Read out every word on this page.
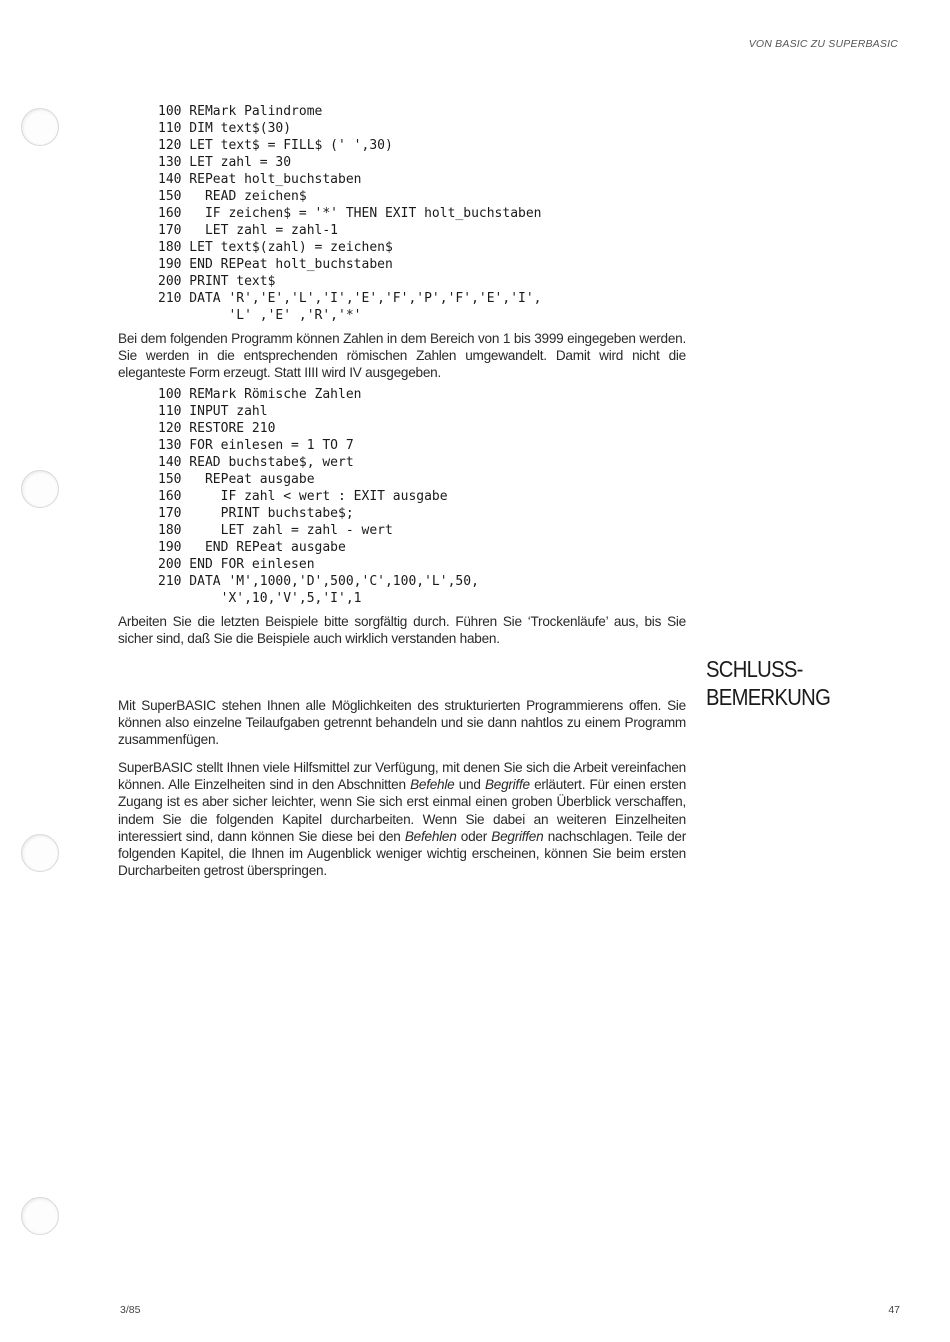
VON BASIC ZU SUPERBASIC
100 REMark Palindrome
110 DIM text$(30)
120 LET text$ = FILL$ (' ',30)
130 LET zahl = 30
140 REPeat holt_buchstaben
150   READ zeichen$
160   IF zeichen$ = '*' THEN EXIT holt_buchstaben
170   LET zahl = zahl-1
180 LET text$(zahl) = zeichen$
190 END REPeat holt_buchstaben
200 PRINT text$
210 DATA 'R','E','L','I','E','F','P','F','E','I',
'L' ,'E' ,'R','*'

Bei dem folgenden Programm können Zahlen in dem Bereich von 1 bis 3999 eingegeben werden. Sie werden in die entsprechenden römischen Zahlen umgewandelt. Damit wird nicht die eleganteste Form erzeugt. Statt IIII wird IV ausgegeben.

100 REMark Römische Zahlen
110 INPUT zahl
120 RESTORE 210
130 FOR einlesen = 1 TO 7
140 READ buchstabe$, wert
150   REPeat ausgabe
160     IF zahl < wert : EXIT ausgabe
170     PRINT buchstabe$;
180     LET zahl = zahl - wert
190   END REPeat ausgabe
200 END FOR einlesen
210 DATA 'M',1000,'D',500,'C',100,'L',50,
'X',10,'V',5,'I',1

Arbeiten Sie die letzten Beispiele bitte sorgfältig durch. Führen Sie ‘Trockenläufe’ aus, bis Sie sicher sind, daß Sie die Beispiele auch wirklich verstanden haben.

SCHLUSS-
BEMERKUNG

Mit SuperBASIC stehen Ihnen alle Möglichkeiten des strukturierten Programmierens offen. Sie können also einzelne Teilaufgaben getrennt behandeln und sie dann nahtlos zu einem Programm zusammenfügen.

SuperBASIC stellt Ihnen viele Hilfsmittel zur Verfügung, mit denen Sie sich die Arbeit vereinfachen können. Alle Einzelheiten sind in den Abschnitten Befehle und Begriffe erläutert. Für einen ersten Zugang ist es aber sicher leichter, wenn Sie sich erst einmal einen groben Überblick verschaffen, indem Sie die folgenden Kapitel durcharbeiten. Wenn Sie dabei an weiteren Einzelheiten interessiert sind, dann können Sie diese bei den Befehlen oder Begriffen nachschlagen. Teile der folgenden Kapitel, die Ihnen im Augenblick weniger wichtig erscheinen, können Sie beim ersten Durcharbeiten getrost überspringen.

3/85	47
